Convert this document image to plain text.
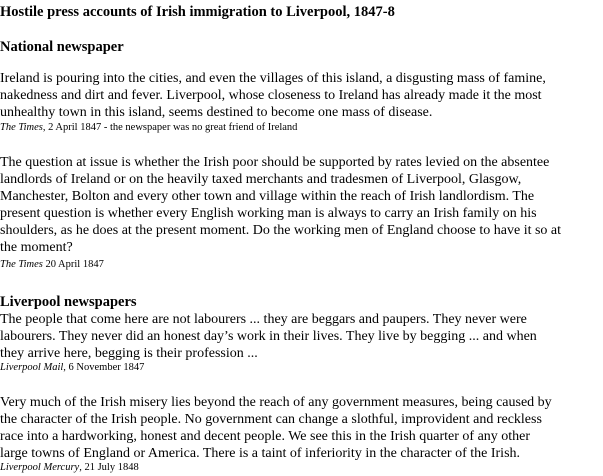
Hostile press accounts of Irish immigration to Liverpool, 1847-8
National newspaper
Ireland is pouring into the cities, and even the villages of this island, a disgusting mass of famine,
nakedness and dirt and fever. Liverpool, whose closeness to Ireland has already made it the most
unhealthy town in this island, seems destined to become one mass of disease.
The Times, 2 April 1847 - the newspaper was no great friend of Ireland
The question at issue is whether the Irish poor should be supported by rates levied on the absentee
landlords of Ireland or on the heavily taxed merchants and tradesmen of Liverpool, Glasgow,
Manchester, Bolton and every other town and village within the reach of Irish landlordism. The
present question is whether every English working man is always to carry an Irish family on his
shoulders, as he does at the present moment. Do the working men of England choose to have it so at
the moment?
The Times 20 April 1847
Liverpool newspapers
The people that come here are not labourers ... they are beggars and paupers. They never were
labourers. They never did an honest day’s work in their lives. They live by begging ... and when
they arrive here, begging is their profession ...
Liverpool Mail, 6 November 1847
Very much of the Irish misery lies beyond the reach of any government measures, being caused by
the character of the Irish people. No government can change a slothful, improvident and reckless
race into a hardworking, honest and decent people. We see this in the Irish quarter of any other
large towns of England or America. There is a taint of inferiority in the character of the Irish.
Liverpool Mercury, 21 July 1848
